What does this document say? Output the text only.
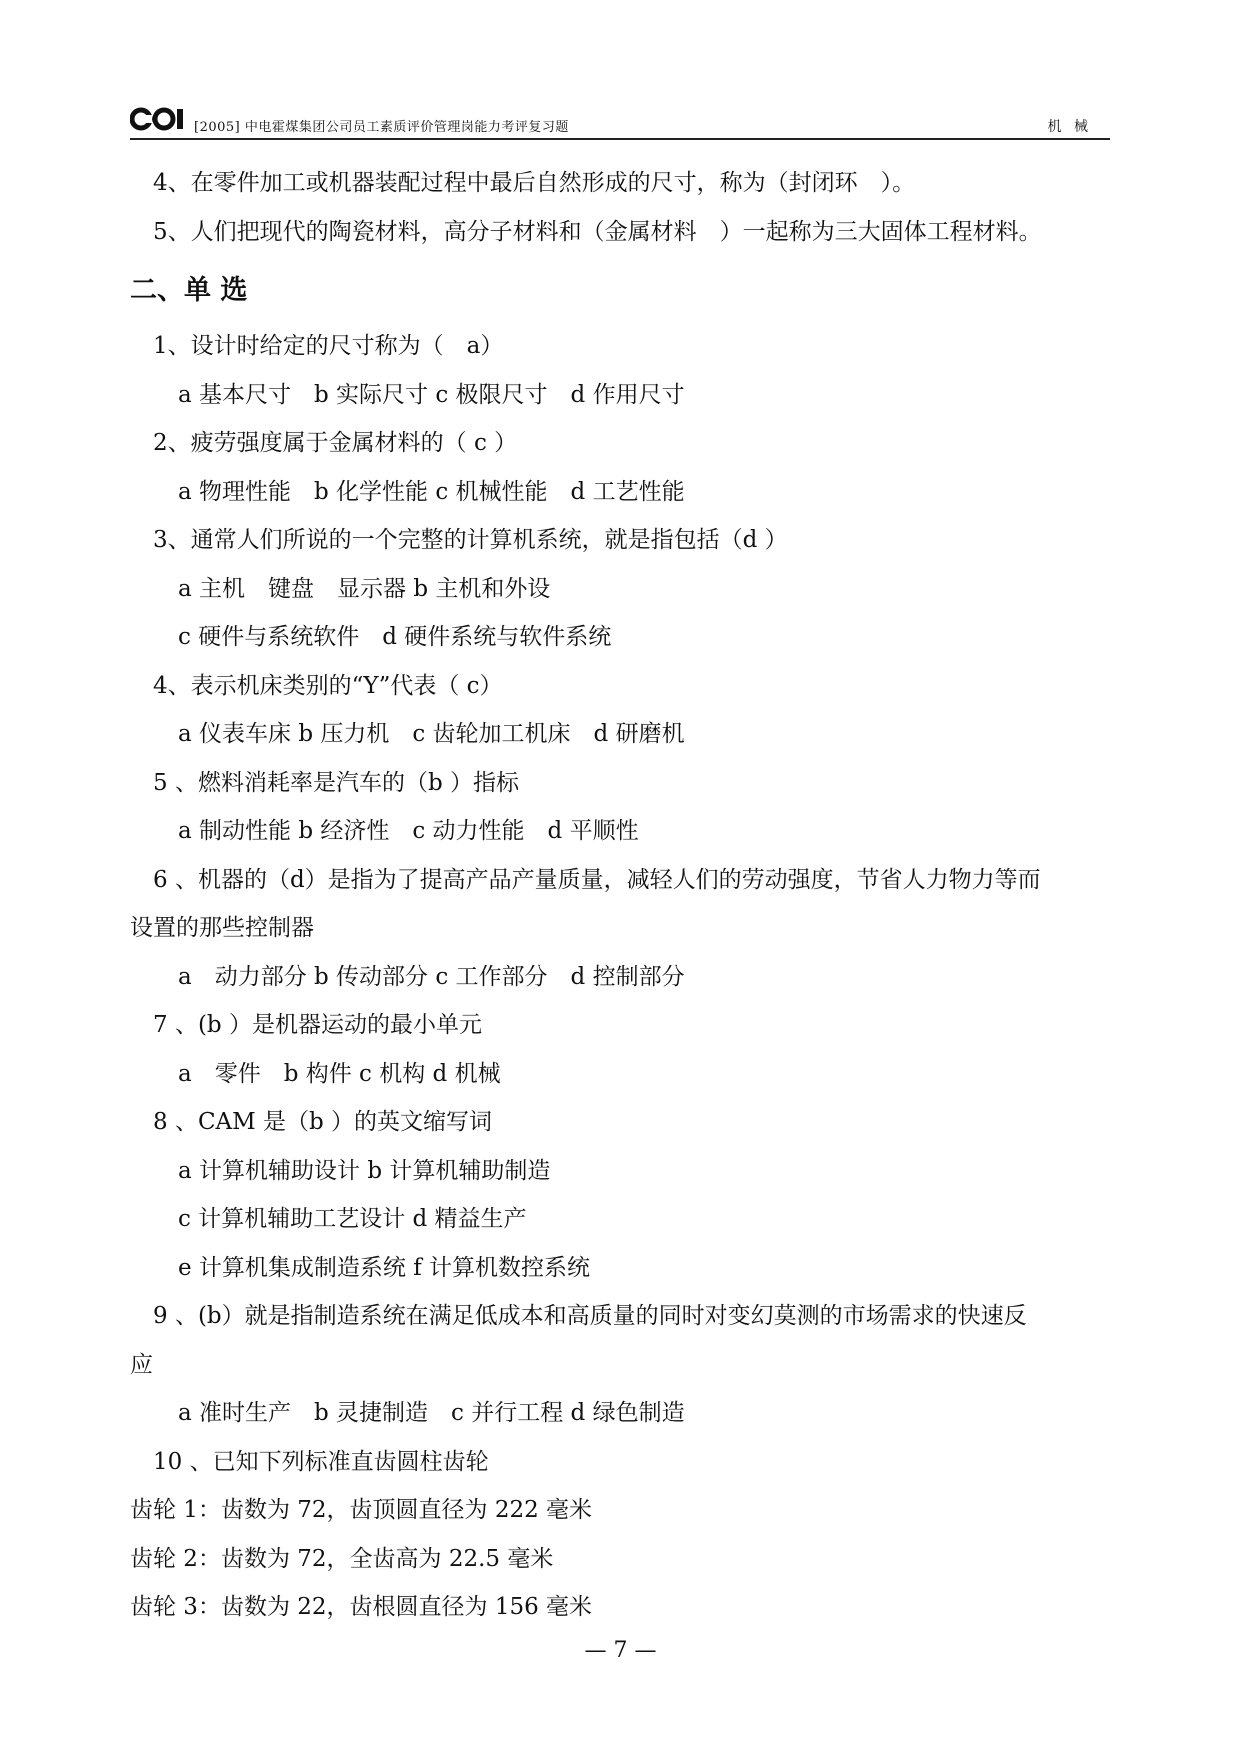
[2005] 中电霍煤集团公司员工素质评价管理岗能力考评复习题	机 械
4、在零件加工或机器装配过程中最后自然形成的尺寸，称为（封闭环　）。
5、人们把现代的陶瓷材料，高分子材料和（金属材料　）一起称为三大固体工程材料。
二、单 选
1、设计时给定的尺寸称为（　a）
a 基本尺寸　b 实际尺寸 c 极限尺寸　d 作用尺寸
2、疲劳强度属于金属材料的（ c ）
a 物理性能　b 化学性能 c 机械性能　d 工艺性能
3、通常人们所说的一个完整的计算机系统，就是指包括（d ）
a 主机　键盘　显示器 b 主机和外设
c 硬件与系统软件　d 硬件系统与软件系统
4、表示机床类别的“Y”代表（ c）
a 仪表车床 b 压力机　c 齿轮加工机床　d 研磨机
5 、燃料消耗率是汽车的（b ）指标
a 制动性能 b 经济性　c 动力性能　d 平顺性
6 、机器的（d）是指为了提高产品产量质量，减轻人们的劳动强度，节省人力物力等而
设置的那些控制器
a　动力部分 b 传动部分 c 工作部分　d 控制部分
7 、(b ）是机器运动的最小单元
a　零件　b 构件 c 机构 d 机械
8 、CAM 是（b ）的英文缩写词
a 计算机辅助设计 b 计算机辅助制造
c 计算机辅助工艺设计 d 精益生产
e 计算机集成制造系统 f 计算机数控系统
9 、(b）就是指制造系统在满足低成本和高质量的同时对变幻莫测的市场需求的快速反
应
a 准时生产　b 灵捷制造　c 并行工程 d 绿色制造
10 、已知下列标准直齿圆柱齿轮
齿轮 1：齿数为 72，齿顶圆直径为 222 毫米
齿轮 2：齿数为 72，全齿高为 22.5 毫米
齿轮 3：齿数为 22，齿根圆直径为 156 毫米
— 7 —
